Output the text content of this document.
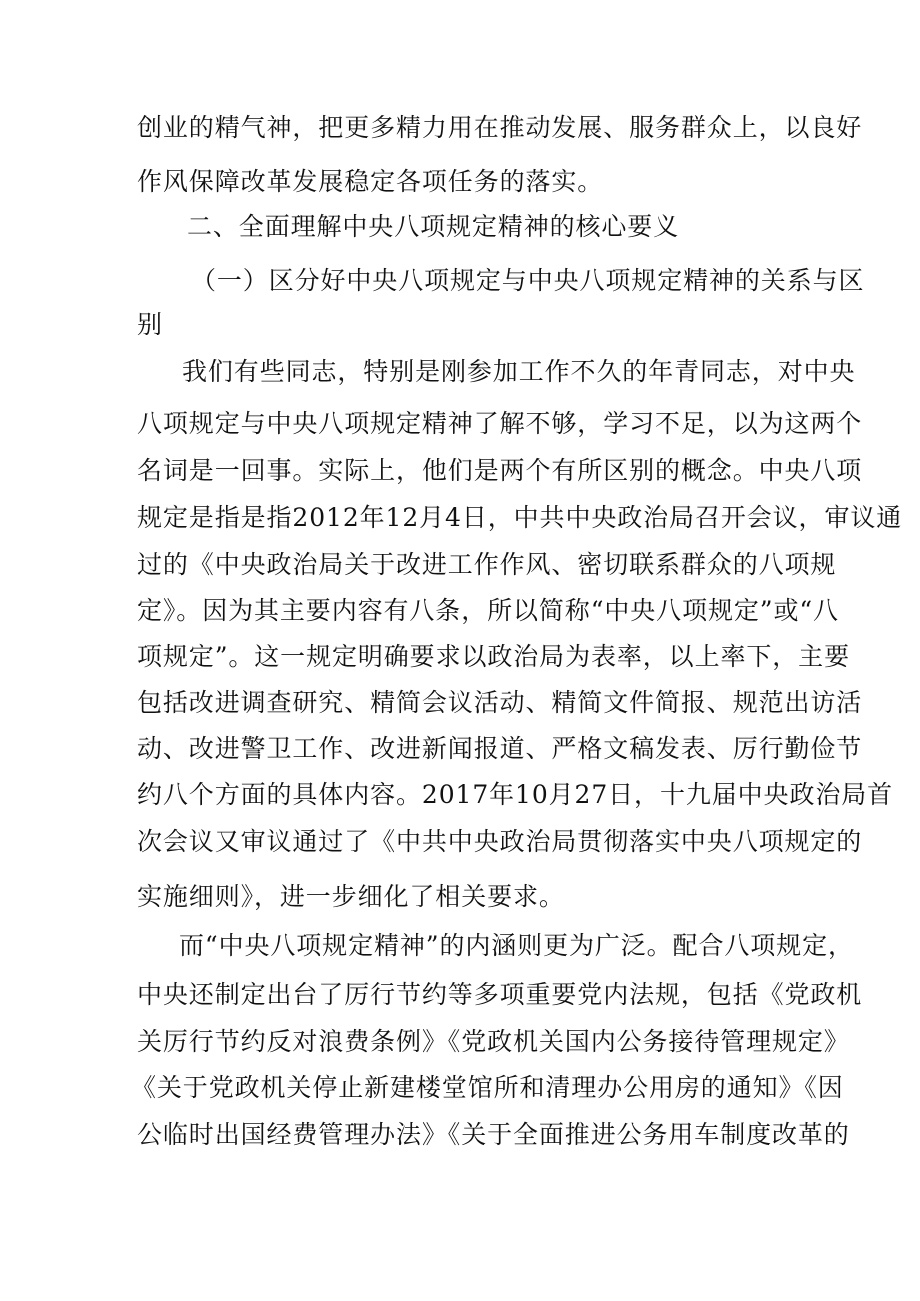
创业的精气神，把更多精力用在推动发展、服务群众上，以良好
作风保障改革发展稳定各项任务的落实。
二、全面理解中央八项规定精神的核心要义
（一）区分好中央八项规定与中央八项规定精神的关系与区
别
我们有些同志，特别是刚参加工作不久的年青同志，对中央
八项规定与中央八项规定精神了解不够，学习不足，以为这两个
名词是一回事。实际上，他们是两个有所区别的概念。中央八项
规定是指是指2012年12月4日，中共中央政治局召开会议，审议通
过的《中央政治局关于改进工作作风、密切联系群众的八项规
定》。因为其主要内容有八条，所以简称“中央八项规定”或“八
项规定”。这一规定明确要求以政治局为表率，以上率下，主要
包括改进调查研究、精简会议活动、精简文件简报、规范出访活
动、改进警卫工作、改进新闻报道、严格文稿发表、厉行勤俭节
约八个方面的具体内容。2017年10月27日，十九届中央政治局首
次会议又审议通过了《中共中央政治局贯彻落实中央八项规定的
实施细则》，进一步细化了相关要求。
而“中央八项规定精神”的内涵则更为广泛。配合八项规定，
中央还制定出台了厉行节约等多项重要党内法规，包括《党政机
关厉行节约反对浪费条例》《党政机关国内公务接待管理规定》
《关于党政机关停止新建楼堂馆所和清理办公用房的通知》《因
公临时出国经费管理办法》《关于全面推进公务用车制度改革的
